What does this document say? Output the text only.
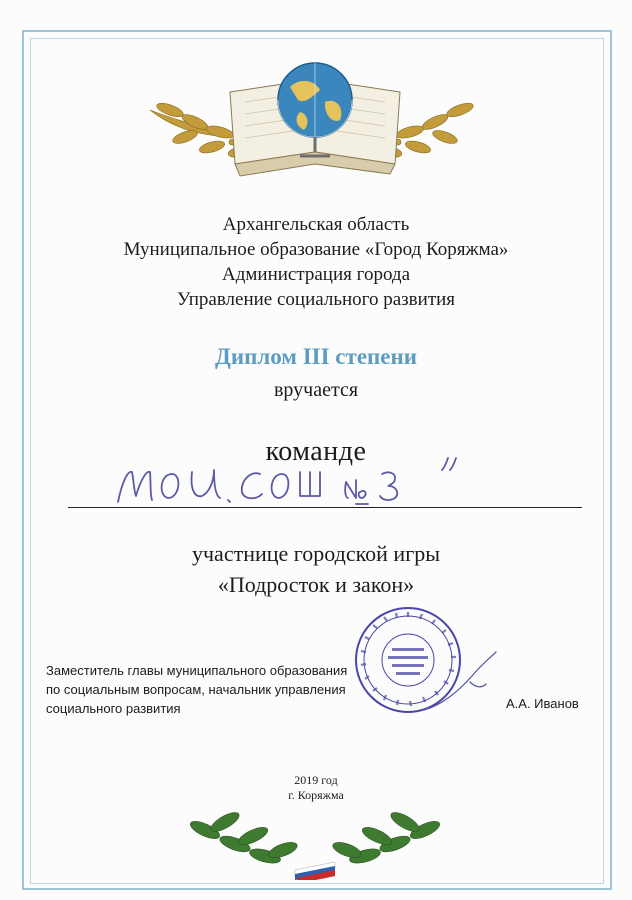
Архангельская область
Муниципальное образование «Город Коряжма»
Администрация города
Управление социального развития
Диплом III степени
вручается
команде
участнице городской игры
«Подросток и закон»
Заместитель главы муниципального образования
по социальным вопросам, начальник управления
социального развития	А.А. Иванов
2019 год
г. Коряжма
